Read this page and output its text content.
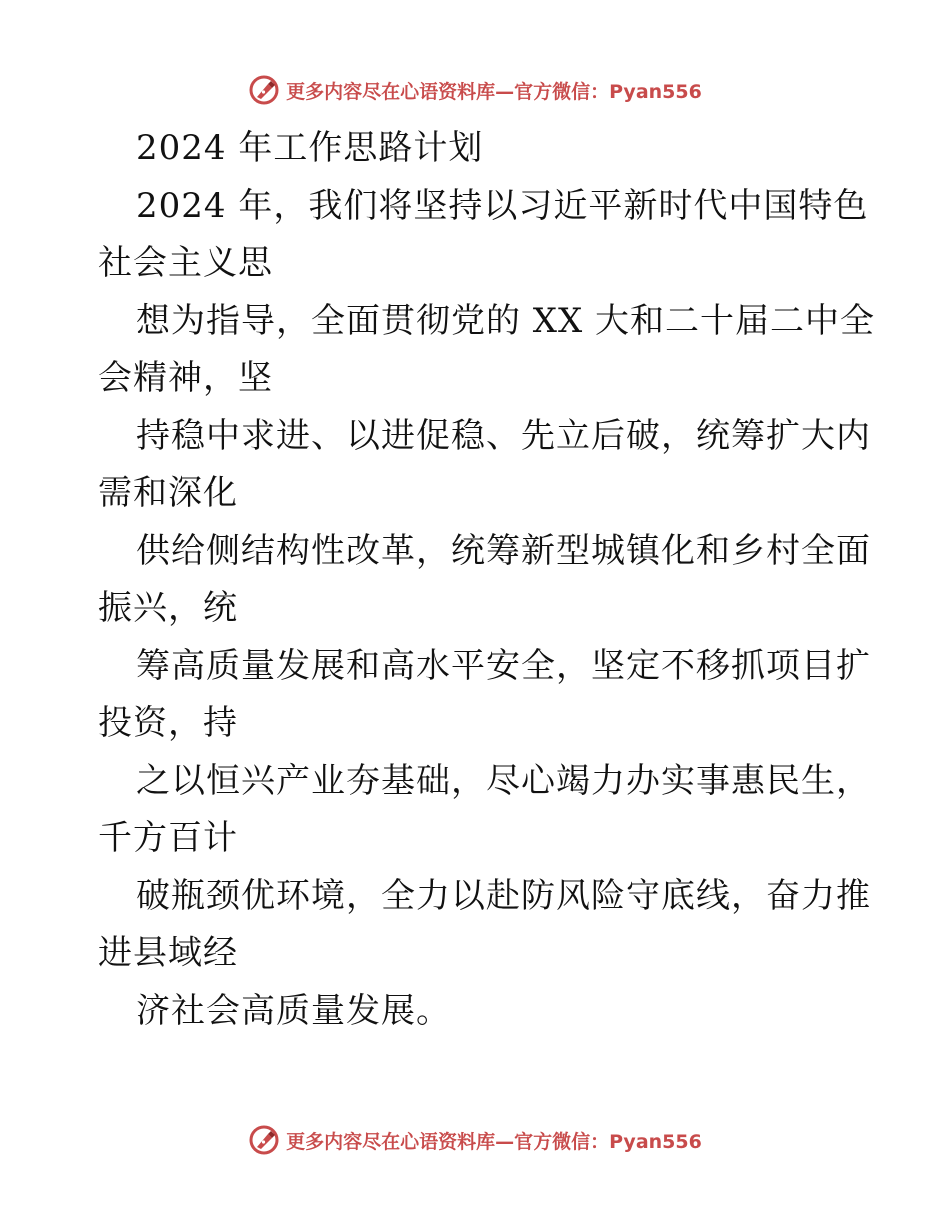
更多内容尽在心语资料库—官方微信：Pyan556
2024 年工作思路计划
2024 年，我们将坚持以习近平新时代中国特色
社会主义思
想为指导，全面贯彻党的 XX 大和二十届二中全
会精神，坚
持稳中求进、以进促稳、先立后破，统筹扩大内
需和深化
供给侧结构性改革，统筹新型城镇化和乡村全面
振兴，统
筹高质量发展和高水平安全，坚定不移抓项目扩
投资，持
之以恒兴产业夯基础，尽心竭力办实事惠民生，
千方百计
破瓶颈优环境，全力以赴防风险守底线，奋力推
进县域经
济社会高质量发展。
更多内容尽在心语资料库—官方微信：Pyan556
